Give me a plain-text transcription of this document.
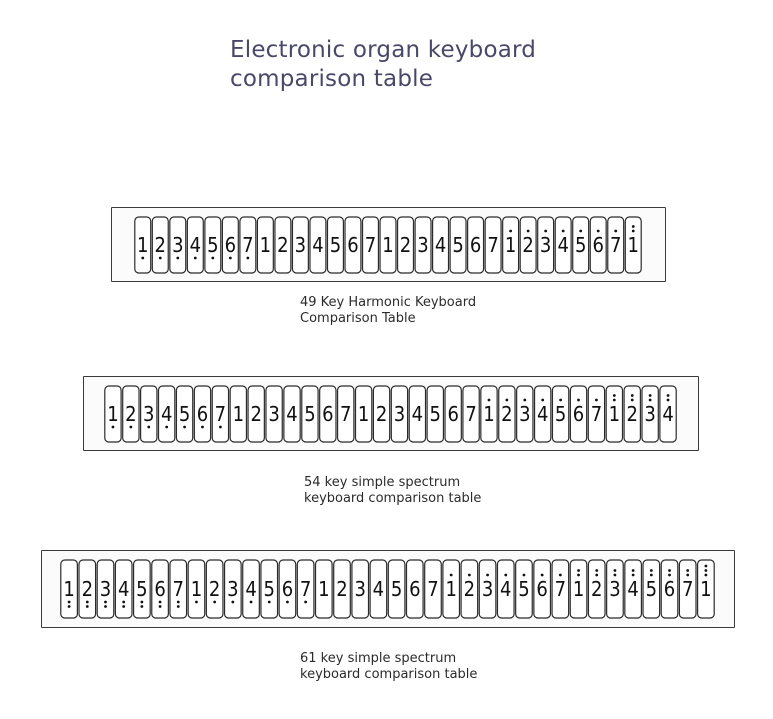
Electronic organ keyboard
comparison table
1 2 3 4 5 6 7 1 2 3 4 5 6 7 1 2 3 4 5 6 7 1 2 3 4 5 6 7 1
49 Key Harmonic Keyboard
Comparison Table
1 2 3 4 5 6 7 1 2 3 4 5 6 7 1 2 3 4 5 6 7 1 2 3 4 5 6 7 1 2 3 4
54 key simple spectrum
keyboard comparison table
1 2 3 4 5 6 7 1 2 3 4 5 6 7 1 2 3 4 5 6 7 1 2 3 4 5 6 7 1 2 3 4 5 6 7 1
61 key simple spectrum
keyboard comparison table
